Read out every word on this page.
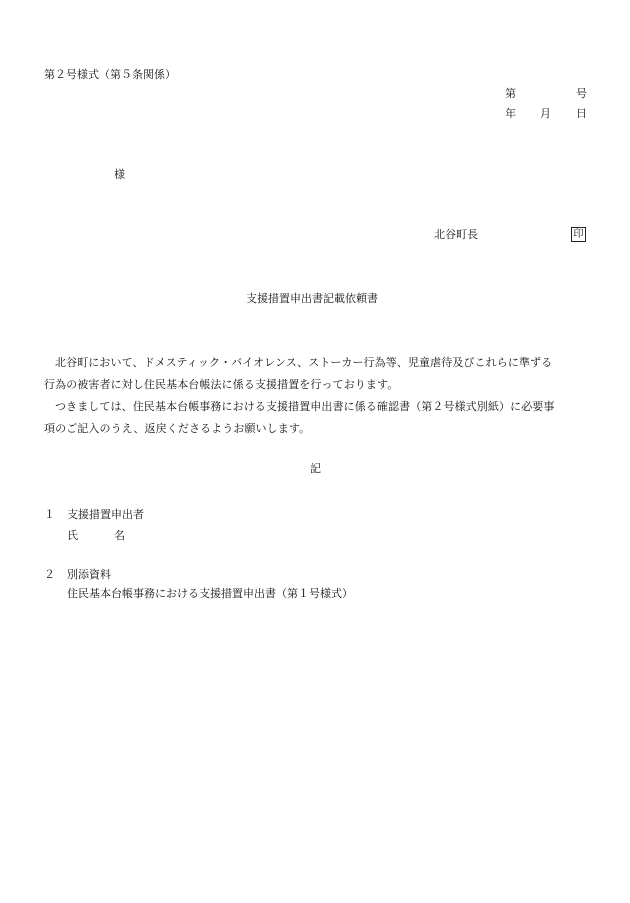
第２号様式（第５条関係）
第	号
年 月 日
様
北谷町長	印
支援措置申出書記載依頼書
北谷町において、ドメスティック・バイオレンス、ストーカー行為等、児童虐待及びこれらに準ずる
行為の被害者に対し住民基本台帳法に係る支援措置を行っております。
つきましては、住民基本台帳事務における支援措置申出書に係る確認書（第２号様式別紙）に必要事
項のご記入のうえ、返戻くださるようお願いします。
記
１ 支援措置申出者
氏	名
２ 別添資料
住民基本台帳事務における支援措置申出書（第１号様式）
